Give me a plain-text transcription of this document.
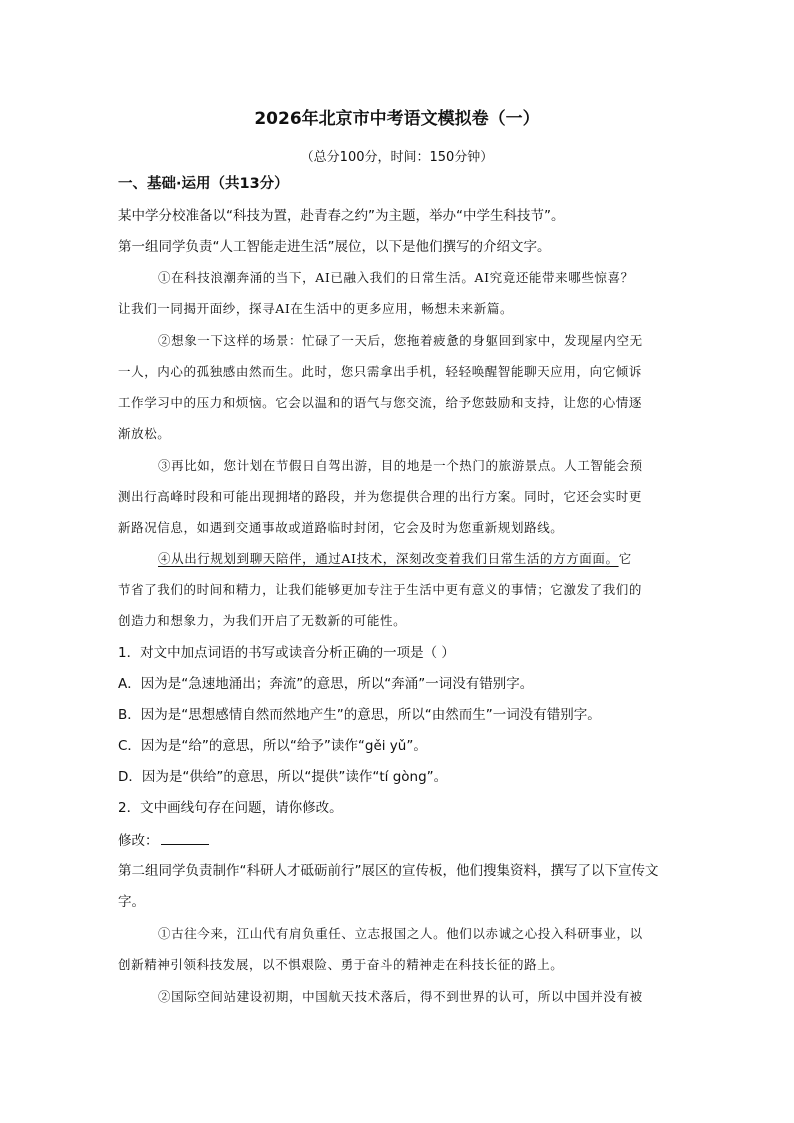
2026年北京市中考语文模拟卷（一）
（总分100分，时间：150分钟）
一、基础·运用（共13分）
某中学分校准备以“科技为置，赴青春之约”为主题，举办“中学生科技节”。
第一组同学负责“人工智能走进生活”展位，以下是他们撰写的介绍文字。
①在科技浪潮奔涌的当下，AI已融入我们的日常生活。AI究竟还能带来哪些惊喜？
让我们一同揭开面纱，探寻AI在生活中的更多应用，畅想未来新篇。
②想象一下这样的场景：忙碌了一天后，您拖着疲惫的身躯回到家中，发现屋内空无
一人，内心的孤独感由然而生。此时，您只需拿出手机，轻轻唤醒智能聊天应用，向它倾诉
工作学习中的压力和烦恼。它会以温和的语气与您交流，给予您鼓励和支持，让您的心情逐
渐放松。
③再比如，您计划在节假日自驾出游，目的地是一个热门的旅游景点。人工智能会预
测出行高峰时段和可能出现拥堵的路段，并为您提供合理的出行方案。同时，它还会实时更
新路况信息，如遇到交通事故或道路临时封闭，它会及时为您重新规划路线。
④从出行规划到聊天陪伴，通过AI技术，深刻改变着我们日常生活的方方面面。它
节省了我们的时间和精力，让我们能够更加专注于生活中更有意义的事情；它激发了我们的
创造力和想象力，为我们开启了无数新的可能性。
1．对文中加点词语的书写或读音分析正确的一项是（ ）
A．因为是“急速地涌出；奔流”的意思，所以“奔涌”一词没有错别字。
B．因为是“思想感情自然而然地产生”的意思，所以“由然而生”一词没有错别字。
C．因为是“给”的意思，所以“给予”读作“gěi yǔ”。
D．因为是“供给”的意思，所以“提供”读作“tí gòng”。
2．文中画线句存在问题，请你修改。
修改：
第二组同学负责制作“科研人才砥砺前行”展区的宣传板，他们搜集资料，撰写了以下宣传文
字。
①古往今来，江山代有肩负重任、立志报国之人。他们以赤诚之心投入科研事业，以
创新精神引领科技发展，以不惧艰险、勇于奋斗的精神走在科技长征的路上。
②国际空间站建设初期，中国航天技术落后，得不到世界的认可，所以中国并没有被
